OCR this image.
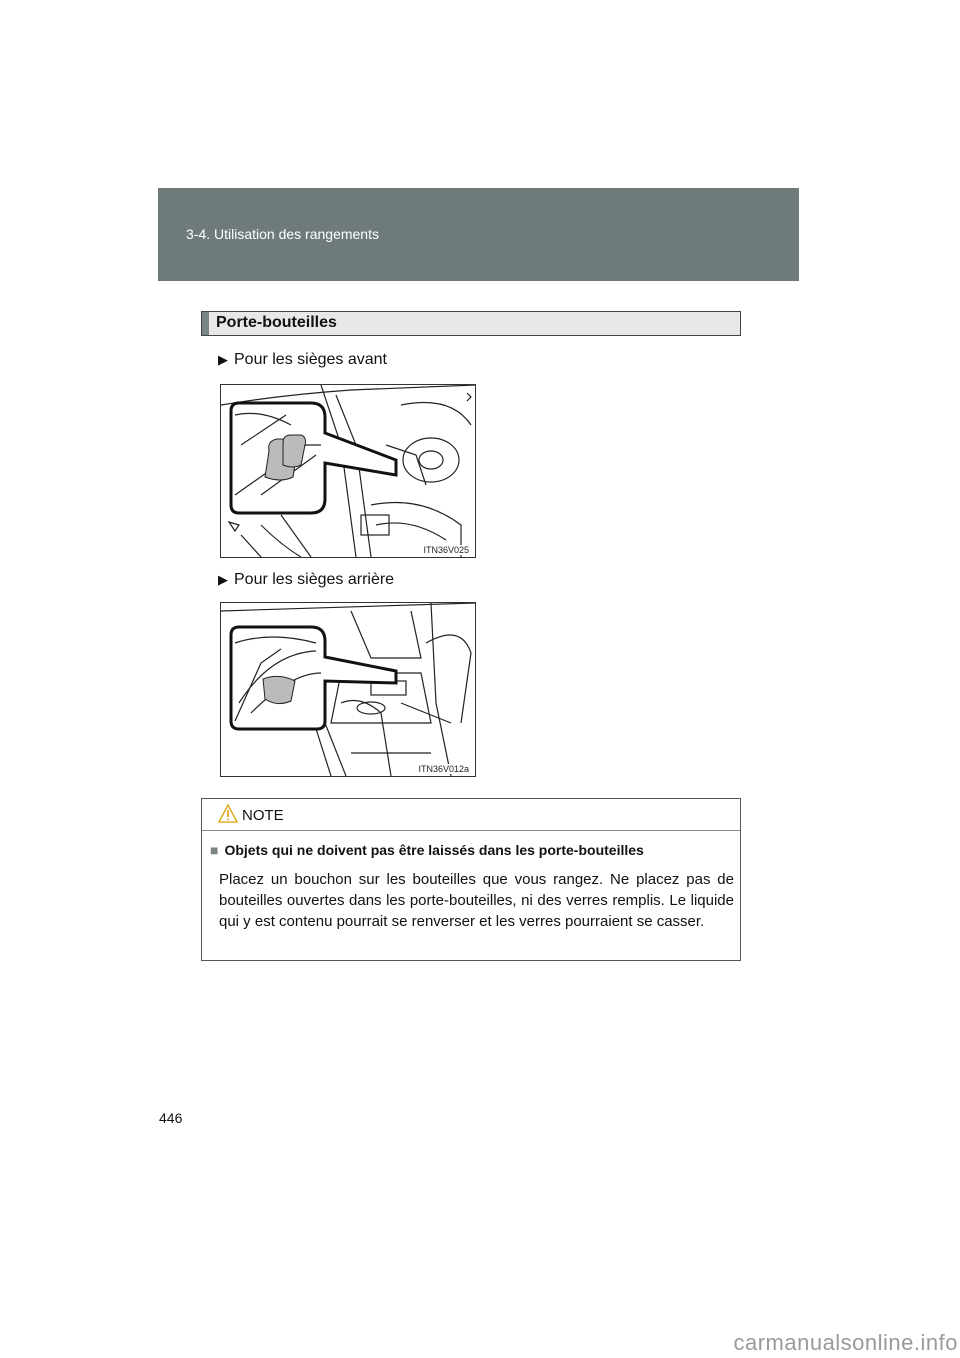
3-4. Utilisation des rangements
Porte-bouteilles
Porte-bouteilles
▶ Pour les sièges avant
ITN36V025
▶ Pour les sièges arrière
ITN36V012a
NOTE
■ Objets qui ne doivent pas être laissés dans les porte-bouteilles
Placez un bouchon sur les bouteilles que vous rangez. Ne placez pas de bouteilles ouvertes dans les porte-bouteilles, ni des verres remplis. Le liquide qui y est contenu pourrait se renverser et les verres pourraient se casser.
446
carmanualsonline.info
